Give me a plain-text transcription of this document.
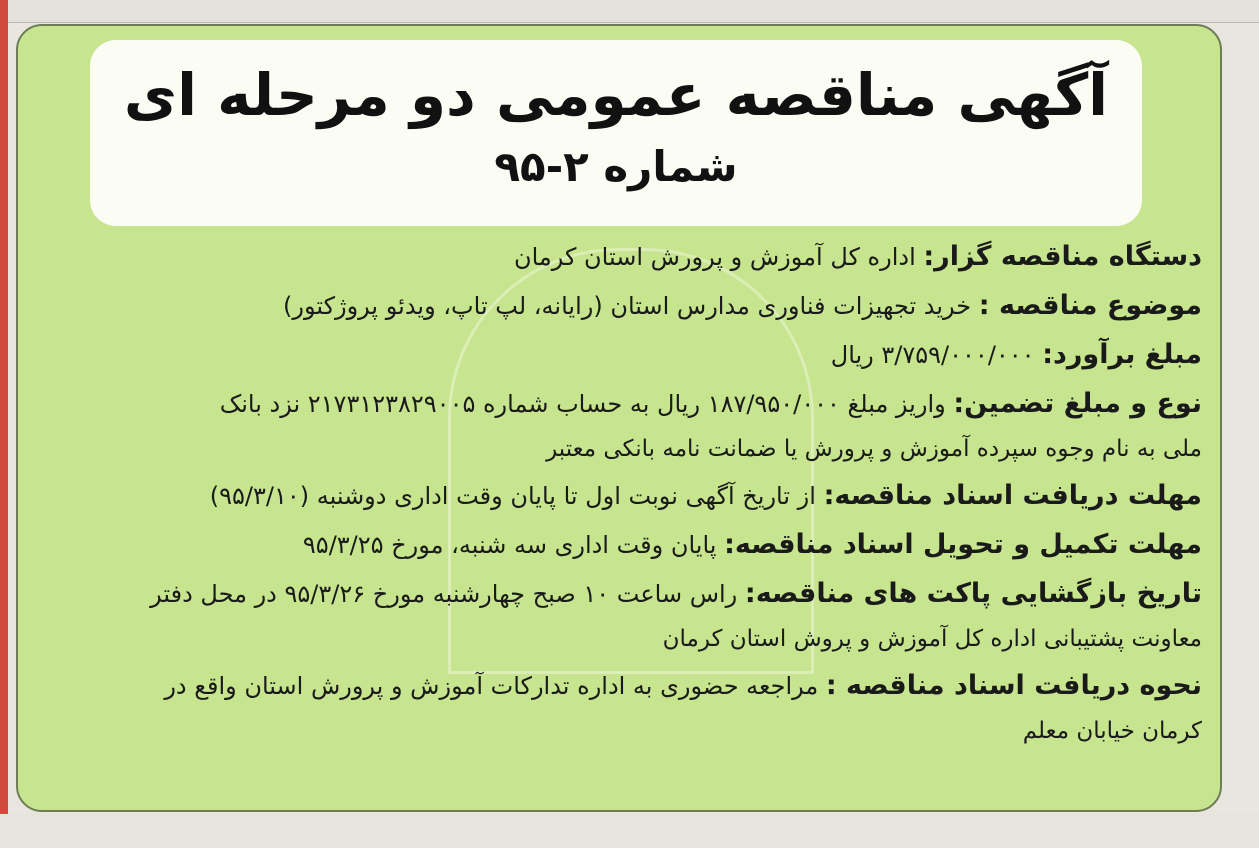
آگهی مناقصه عمومی دو مرحله ای
شماره ۲-۹۵
دستگاه مناقصه گزار: اداره کل آموزش و پرورش استان کرمان
موضوع مناقصه : خرید تجهیزات فناوری مدارس استان (رایانه، لپ تاپ، ویدئو پروژکتور)
مبلغ برآورد: ۳/۷۵۹/۰۰۰/۰۰۰ ریال
نوع و مبلغ تضمین: واریز مبلغ ۱۸۷/۹۵۰/۰۰۰ ریال به حساب شماره ۲۱۷۳۱۲۳۸۲۹۰۰۵ نزد بانک
ملی به نام وجوه سپرده آموزش و پرورش یا ضمانت نامه بانکی معتبر
مهلت دریافت اسناد مناقصه: از تاریخ آگهی نوبت اول تا پایان وقت اداری دوشنبه (۹۵/۳/۱۰)
مهلت تکمیل و تحویل اسناد مناقصه: پایان وقت اداری سه شنبه، مورخ ۹۵/۳/۲۵
تاریخ بازگشایی پاکت های مناقصه: راس ساعت ۱۰ صبح چهارشنبه مورخ ۹۵/۳/۲۶ در محل دفتر
معاونت پشتیبانی اداره کل آموزش و پروش استان کرمان
نحوه دریافت اسناد مناقصه : مراجعه حضوری به اداره تدارکات آموزش و پرورش استان واقع در
کرمان خیابان معلم
